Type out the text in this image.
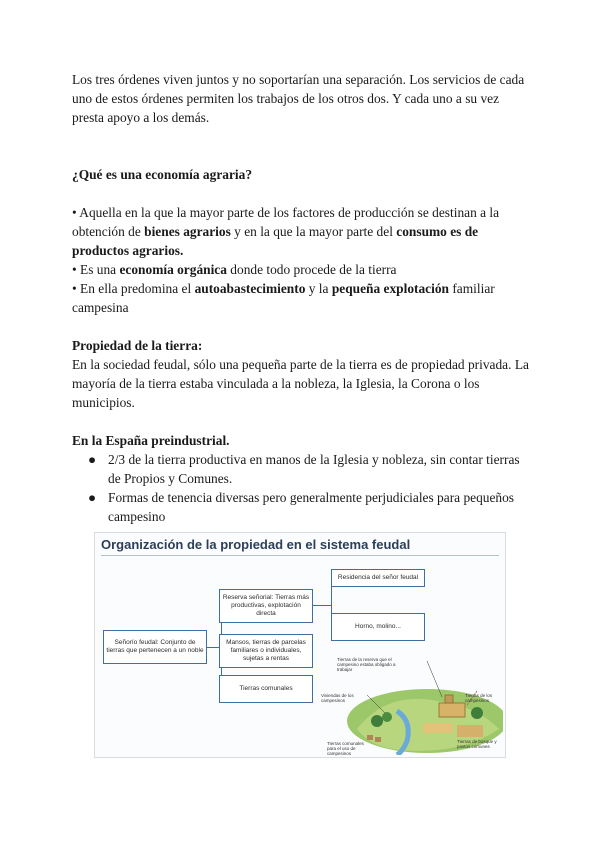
Los tres órdenes viven juntos y no soportarían una separación. Los servicios de cada uno de estos órdenes permiten los trabajos de los otros dos. Y cada uno a su vez presta apoyo a los demás.

¿Qué es una economía agraria?

• Aquella en la que la mayor parte de los factores de producción se destinan a la obtención de bienes agrarios y en la que la mayor parte del consumo es de productos agrarios.

• Es una economía orgánica donde todo procede de la tierra

• En ella predomina el autoabastecimiento y la pequeña explotación familiar campesina

Propiedad de la tierra:

En la sociedad feudal, sólo una pequeña parte de la tierra es de propiedad privada. La mayoría de la tierra estaba vinculada a la nobleza, la Iglesia, la Corona o los municipios.

En la España preindustrial.

● 2/3 de la tierra productiva en manos de la Iglesia y nobleza, sin contar tierras de Propios y Comunes.
● Formas de tenencia diversas pero generalmente perjudiciales para pequeños campesino
Organización de la propiedad en el sistema feudal
Señorío feudal: Conjunto de tierras que pertenecen a un noble
Reserva señorial: Tierras más productivas, explotación directa
Mansos, tierras de parcelas familiares o individuales, sujetas a rentas
Tierras comunales
Residencia del señor feudal
Horno, molino...
Tierras de la reserva que el campesino estaba obligado a trabajar
Viviendas de los campesinos
Tierras comunales para el uso de campesinos
Tierras de los campesinos
Tierras de bosque y pastos comunes
